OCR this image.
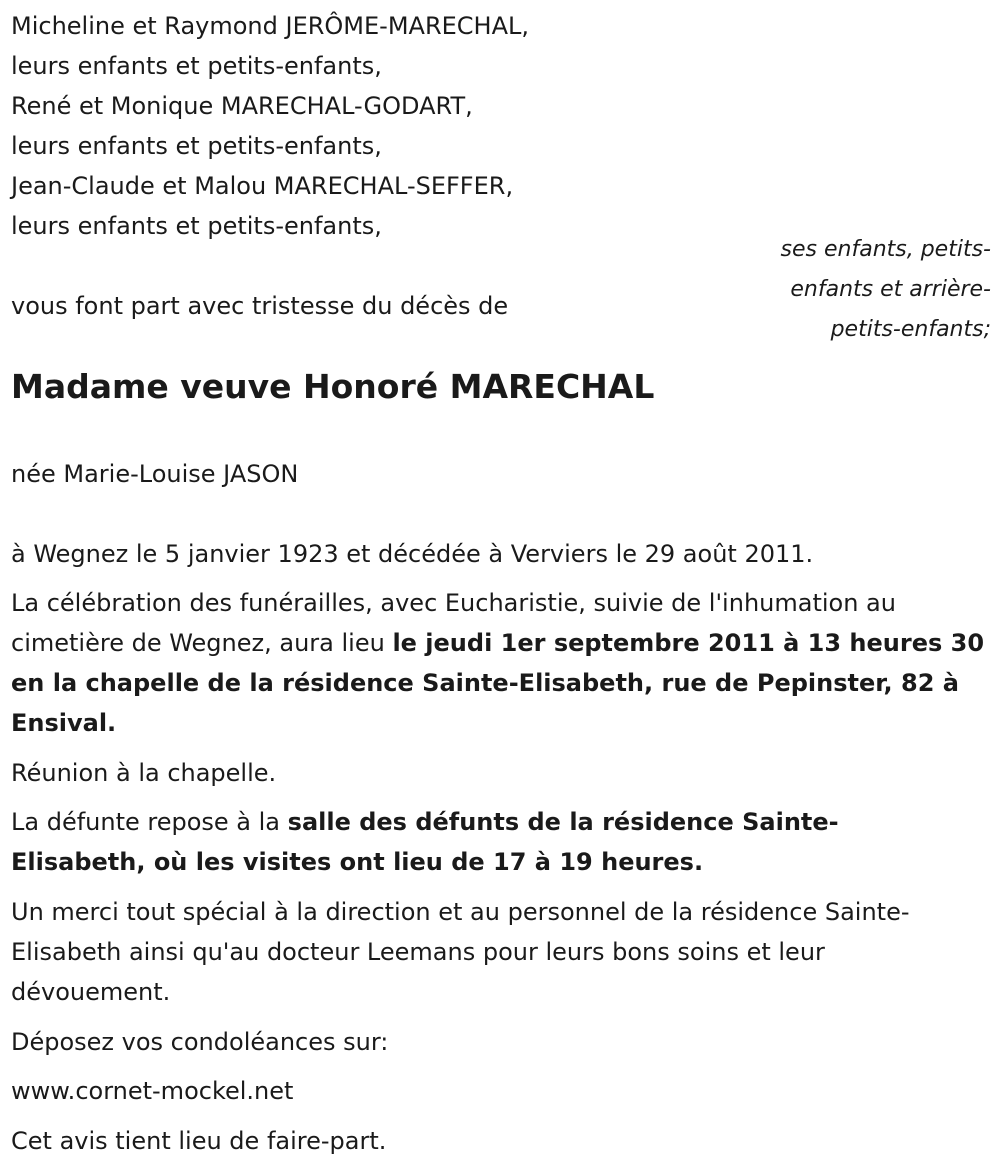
Micheline et Raymond JERÔME-MARECHAL,

leurs enfants et petits-enfants,

René et Monique MARECHAL-GODART,

leurs enfants et petits-enfants,

Jean-Claude et Malou MARECHAL-SEFFER,

leurs enfants et petits-enfants,

ses enfants, petits-
enfants et arrière-
petits-enfants;

vous font part avec tristesse du décès de

Madame veuve Honoré MARECHAL

née Marie-Louise JASON

à Wegnez le 5 janvier 1923 et décédée à Verviers le 29 août 2011.

La célébration des funérailles, avec Eucharistie, suivie de l'inhumation au cimetière de Wegnez, aura lieu le jeudi 1er septembre 2011 à 13 heures 30 en la chapelle de la résidence Sainte-Elisabeth, rue de Pepinster, 82 à Ensival.

Réunion à la chapelle.

La défunte repose à la salle des défunts de la résidence Sainte-Elisabeth, où les visites ont lieu de 17 à 19 heures.

Un merci tout spécial à la direction et au personnel de la résidence Sainte-Elisabeth ainsi qu'au docteur Leemans pour leurs bons soins et leur dévouement.

Déposez vos condoléances sur:

www.cornet-mockel.net

Cet avis tient lieu de faire-part.
